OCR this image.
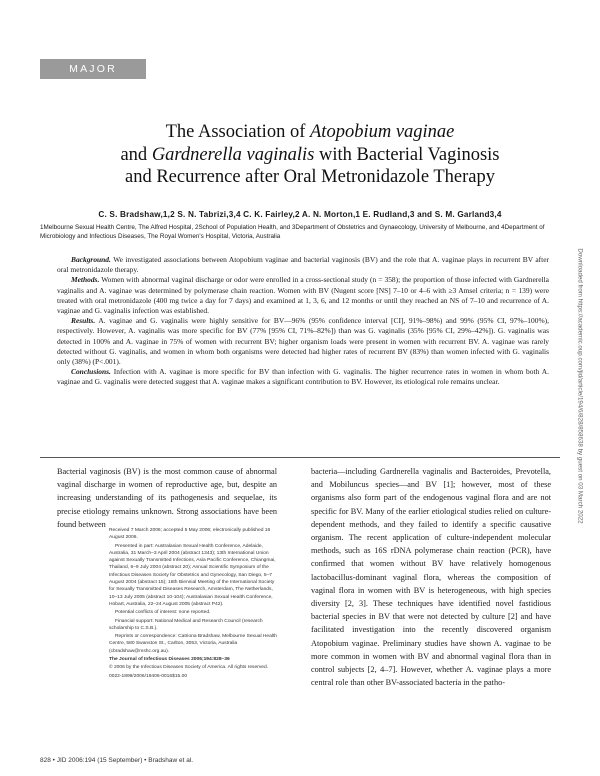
MAJOR ARTICLE
The Association of Atopobium vaginae
and Gardnerella vaginalis with Bacterial Vaginosis
and Recurrence after Oral Metronidazole Therapy
C. S. Bradshaw,1,2 S. N. Tabrizi,3,4 C. K. Fairley,2 A. N. Morton,1 E. Rudland,3 and S. M. Garland3,4
1Melbourne Sexual Health Centre, The Alfred Hospital, 2School of Population Health, and 3Department of Obstetrics and Gynaecology, University of Melbourne, and 4Department of Microbiology and Infectious Diseases, The Royal Women's Hospital, Victoria, Australia

Background. We investigated associations between Atopobium vaginae and bacterial vaginosis (BV) and the role that A. vaginae plays in recurrent BV after oral metronidazole therapy.

Methods. Women with abnormal vaginal discharge or odor were enrolled in a cross-sectional study (n = 358); the proportion of those infected with Gardnerella vaginalis and A. vaginae was determined by polymerase chain reaction. Women with BV (Nugent score [NS] 7–10 or 4–6 with ≥3 Amsel criteria; n = 139) were treated with oral metronidazole (400 mg twice a day for 7 days) and examined at 1, 3, 6, and 12 months or until they reached an NS of 7–10 and recurrence of A. vaginae and G. vaginalis infection was established.

Results. A. vaginae and G. vaginalis were highly sensitive for BV—96% (95% confidence interval [CI], 91%–98%) and 99% (95% CI, 97%–100%), respectively. However, A. vaginalis was more specific for BV (77% [95% CI, 71%–82%]) than was G. vaginalis (35% [95% CI, 29%–42%]). G. vaginalis was detected in 100% and A. vaginae in 75% of women with recurrent BV; higher organism loads were present in women with recurrent BV. A. vaginae was rarely detected without G. vaginalis, and women in whom both organisms were detected had higher rates of recurrent BV (83%) than women infected with G. vaginalis only (38%) (P<.001).

Conclusions. Infection with A. vaginae is more specific for BV than infection with G. vaginalis. The higher recurrence rates in women in whom both A. vaginae and G. vaginalis were detected suggest that A. vaginae makes a significant contribution to BV. However, its etiological role remains unclear.

Bacterial vaginosis (BV) is the most common cause of abnormal vaginal discharge in women of reproductive age, but, despite an increasing understanding of its pathogenesis and sequelae, its precise etiology remains unknown. Strong associations have been found between

Received 7 March 2006; accepted 5 May 2006; electronically published 16 August 2006.

Presented in part: Australasian Sexual Health Conference, Adelaide, Australia, 31 March–3 April 2004 (abstract 1343); 13th International Union against Sexually Transmitted Infections, Asia Pacific Conference, Chiangmai, Thailand, 6–9 July 2004 (abstract 20); Annual Scientific Symposium of the Infectious Diseases Society for Obstetrics and Gynecology, San Diego, 5–7 August 2004 (abstract 15); 16th Biennial Meeting of the International Society for Sexually Transmitted Diseases Research, Amsterdam, The Netherlands, 10–13 July 2005 (abstract 10-104); Australasian Sexual Health Conference, Hobart, Australia, 22–24 August 2005 (abstract P42).

Potential conflicts of interest: none reported.

Financial support: National Medical and Research Council (research scholarship to C.S.B.).

Reprints or correspondence: Catriona Bradshaw, Melbourne Sexual Health Centre, 580 Swanston St., Carlton, 3053, Victoria, Australia (cbradshaw@mshc.org.au).

The Journal of Infectious Diseases 2006;194:828–36

© 2006 by the Infectious Diseases Society of America. All rights reserved.

0022-1899/2006/19406-0016$15.00

bacteria—including Gardnerella vaginalis and Bacteroides, Prevotella, and Mobiluncus species—and BV [1]; however, most of these organisms also form part of the endogenous vaginal flora and are not specific for BV. Many of the earlier etiological studies relied on culture-dependent methods, and they failed to identify a specific causative organism. The recent application of culture-independent molecular methods, such as 16S rDNA polymerase chain reaction (PCR), have confirmed that women without BV have relatively homogenous lactobacillus-dominant vaginal flora, whereas the composition of vaginal flora in women with BV is heterogeneous, with high species diversity [2, 3]. These techniques have identified novel fastidious bacterial species in BV that were not detected by culture [2] and have facilitated investigation into the recently discovered organism Atopobium vaginae. Preliminary studies have shown A. vaginae to be more common in women with BV and abnormal vaginal flora than in control subjects [2, 4–7]. However, whether A. vaginae plays a more central role than other BV-associated bacteria in the patho-

828 • JID 2006:194 (15 September) • Bradshaw et al.
Downloaded from https://academic.oup.com/jid/article/194/6/828/858638 by guest on 03 March 2022
